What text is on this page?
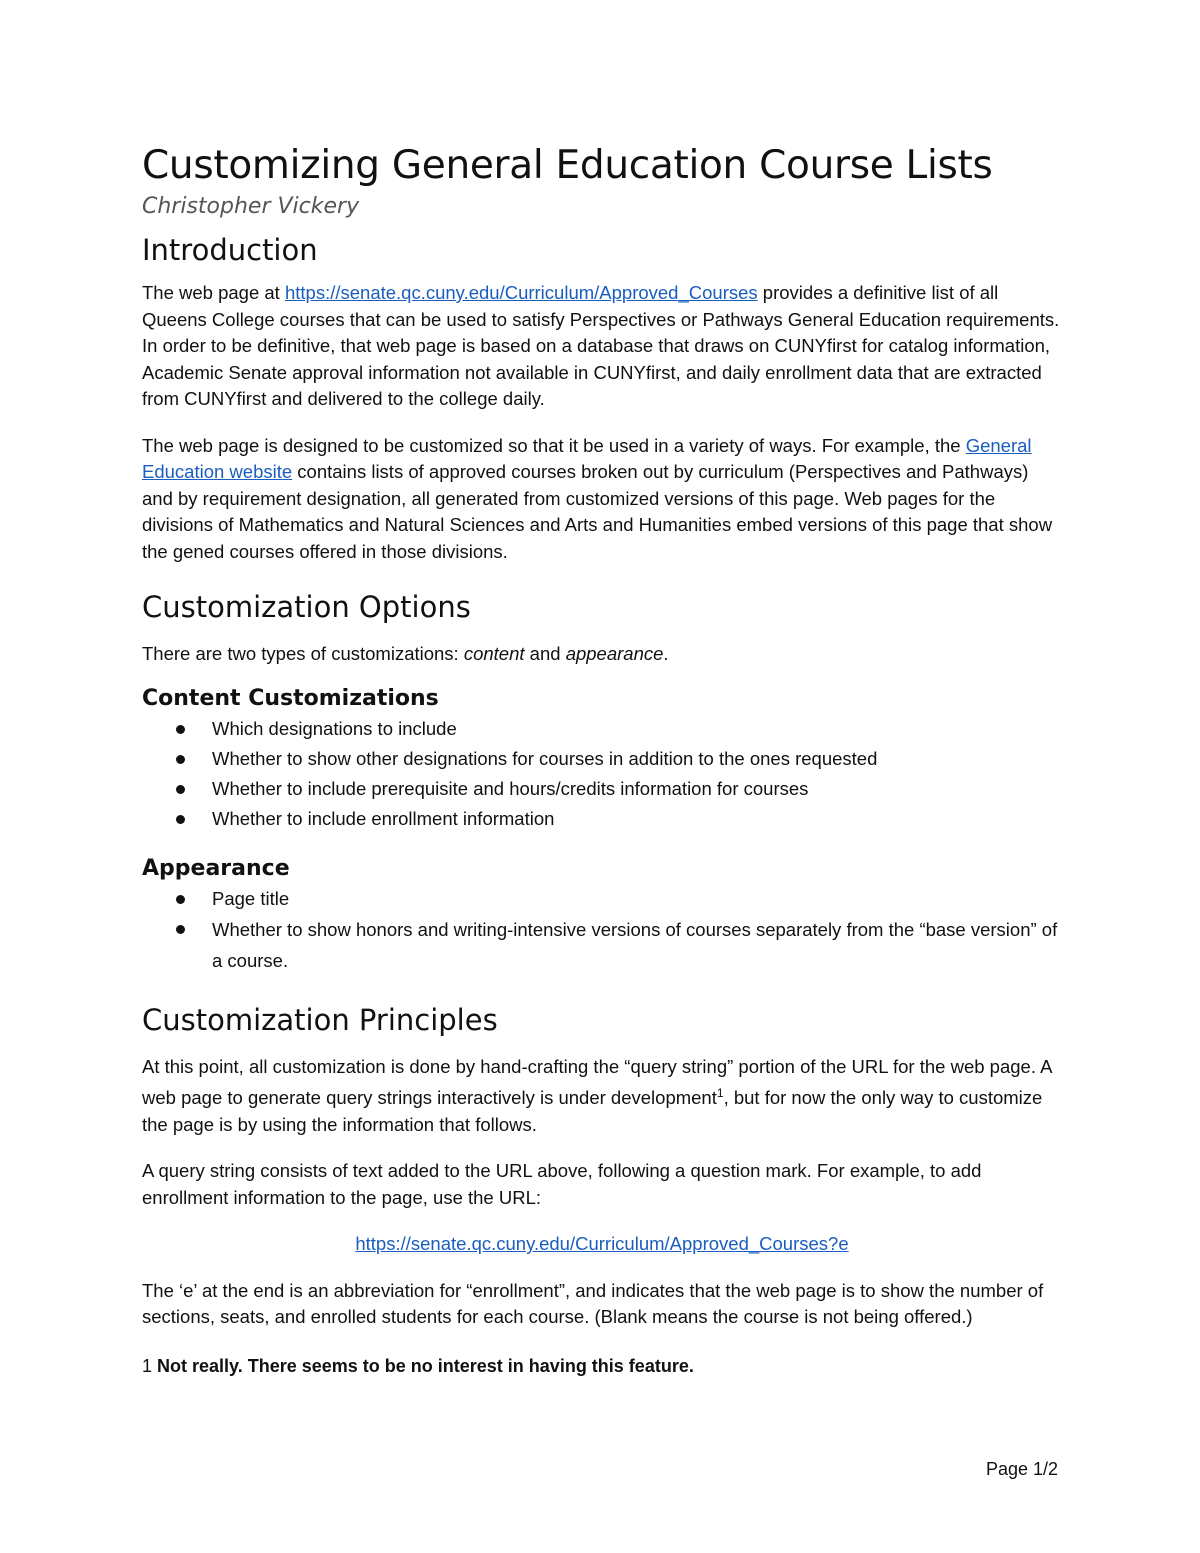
Customizing General Education Course Lists
Christopher Vickery
Introduction

The web page at https://senate.qc.cuny.edu/Curriculum/Approved_Courses provides a definitive list of all Queens College courses that can be used to satisfy Perspectives or Pathways General Education requirements. In order to be definitive, that web page is based on a database that draws on CUNYfirst for catalog information, Academic Senate approval information not available in CUNYfirst, and daily enrollment data that are extracted from CUNYfirst and delivered to the college daily.

The web page is designed to be customized so that it be used in a variety of ways. For example, the General Education website contains lists of approved courses broken out by curriculum (Perspectives and Pathways) and by requirement designation, all generated from customized versions of this page. Web pages for the divisions of Mathematics and Natural Sciences and Arts and Humanities embed versions of this page that show the gened courses offered in those divisions.

Customization Options

There are two types of customizations: content and appearance.

Content Customizations
Which designations to include
Whether to show other designations for courses in addition to the ones requested
Whether to include prerequisite and hours/credits information for courses
Whether to include enrollment information
Appearance
Page title
Whether to show honors and writing-intensive versions of courses separately from the “base version” of a course.
Customization Principles

At this point, all customization is done by hand-crafting the “query string” portion of the URL for the web page. A web page to generate query strings interactively is under development$^1$, but for now the only way to customize the page is by using the information that follows.

A query string consists of text added to the URL above, following a question mark. For example, to add enrollment information to the page, use the URL:

https://senate.qc.cuny.edu/Curriculum/Approved_Courses?e

The ‘e’ at the end is an abbreviation for “enrollment”, and indicates that the web page is to show the number of sections, seats, and enrolled students for each course. (Blank means the course is not being offered.)

1 Not really. There seems to be no interest in having this feature.

Page 1/2
